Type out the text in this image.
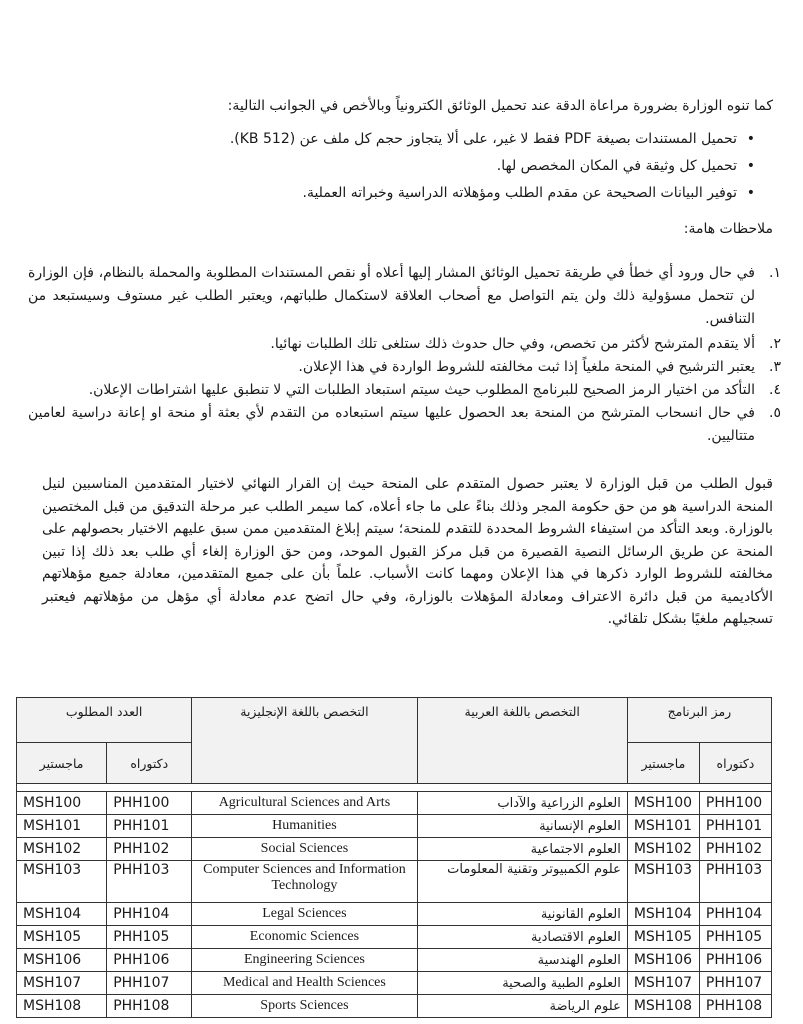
كما تنوه الوزارة بضرورة مراعاة الدقة عند تحميل الوثائق الكترونياً وبالأخص في الجوانب التالية:

• تحميل المستندات بصيغة PDF فقط لا غير، على ألا يتجاوز حجم كل ملف عن (512 KB).
• تحميل كل وثيقة في المكان المخصص لها.
• توفير البيانات الصحيحة عن مقدم الطلب ومؤهلاته الدراسية وخبراته العملية.

ملاحظات هامة:

١.
في حال ورود أي خطأ في طريقة تحميل الوثائق المشار إليها أعلاه أو نقص المستندات المطلوبة والمحملة بالنظام، فإن الوزارة لن تتحمل مسؤولية ذلك ولن يتم التواصل مع أصحاب العلاقة لاستكمال طلباتهم، ويعتبر الطلب غير مستوف وسيستبعد من التنافس.
٢.
ألا يتقدم المترشح لأكثر من تخصص، وفي حال حدوث ذلك ستلغى تلك الطلبات نهائيا.
٣.
يعتبر الترشيح في المنحة ملغياً إذا ثبت مخالفته للشروط الواردة في هذا الإعلان.
٤.
التأكد من اختيار الرمز الصحيح للبرنامج المطلوب حيث سيتم استبعاد الطلبات التي لا تنطبق عليها اشتراطات الإعلان.
٥.
في حال انسحاب المترشح من المنحة بعد الحصول عليها سيتم استبعاده من التقدم لأي بعثة أو منحة او إعانة دراسية لعامين متتاليين.

قبول الطلب من قبل الوزارة لا يعتبر حصول المتقدم على المنحة حيث إن القرار النهائي لاختيار المتقدمين المناسبين لنيل المنحة الدراسية هو من حق حكومة المجر وذلك بناءً على ما جاء أعلاه، كما سيمر الطلب عبر مرحلة التدقيق من قبل المختصين بالوزارة. وبعد التأكد من استيفاء الشروط المحددة للتقدم للمنحة؛ سيتم إبلاغ المتقدمين ممن سبق عليهم الاختيار بحصولهم على المنحة عن طريق الرسائل النصية القصيرة من قبل مركز القبول الموحد، ومن حق الوزارة إلغاء أي طلب بعد ذلك إذا تبين مخالفته للشروط الوارد ذكرها في هذا الإعلان ومهما كانت الأسباب. علماً بأن على جميع المتقدمين، معادلة جميع مؤهلاتهم الأكاديمية من قبل دائرة الاعتراف ومعادلة المؤهلات بالوزارة، وفي حال اتضح عدم معادلة أي مؤهل من مؤهلاتهم فيعتبر تسجيلهم ملغيًا بشكل تلقائي.

رمز البرنامج		التخصص باللغة العربية	التخصص باللغة الإنجليزية	العدد المطلوب	
دكتوراه	ماجستير			دكتوراه	ماجستير

PHH100	MSH100	العلوم الزراعية والآداب	Agricultural Sciences and Arts	PHH100	MSH100
PHH101	MSH101	العلوم الإنسانية	Humanities	PHH101	MSH101
PHH102	MSH102	العلوم الاجتماعية	Social Sciences	PHH102	MSH102
PHH103	MSH103	علوم الكمبيوتر وتقنية المعلومات	Computer Sciences and Information Technology	PHH103	MSH103
PHH104	MSH104	العلوم القانونية	Legal Sciences	PHH104	MSH104
PHH105	MSH105	العلوم الاقتصادية	Economic Sciences	PHH105	MSH105
PHH106	MSH106	العلوم الهندسية	Engineering Sciences	PHH106	MSH106
PHH107	MSH107	العلوم الطبية والصحية	Medical and Health Sciences	PHH107	MSH107
PHH108	MSH108	علوم الرياضة	Sports Sciences	PHH108	MSH108
